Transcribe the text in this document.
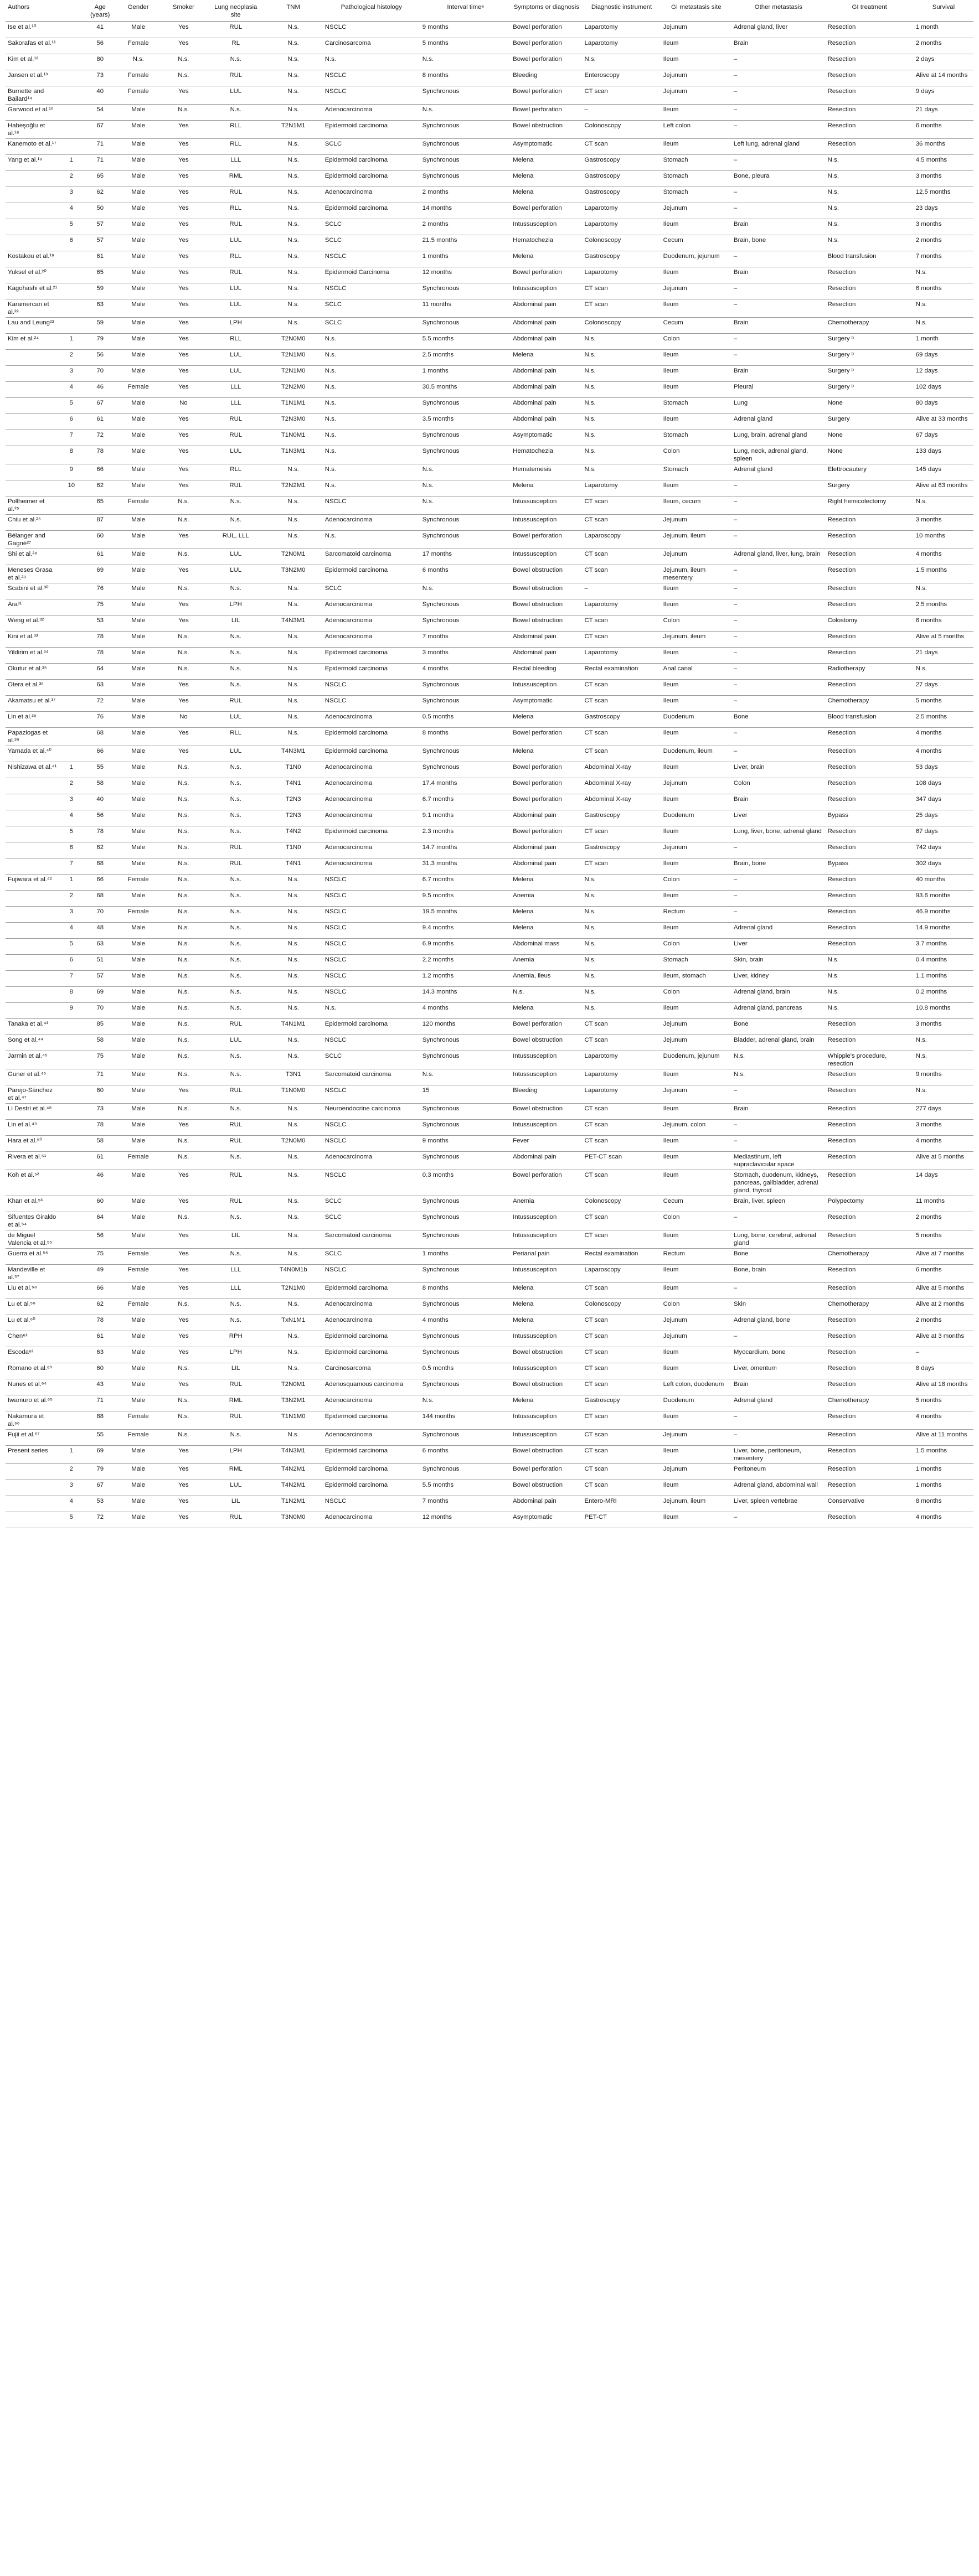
Authors		Age (years)	Gender	Smoker	Lung neoplasia site	TNM	Pathological histology	Interval timeᵃ	Symptoms or diagnosis	Diagnostic instrument	GI metastasis site	Other metastasis	GI treatment	Survival
Ise et al.¹⁰		41	Male	Yes	RUL	N.s.	NSCLC	9 months	Bowel perforation	Laparotomy	Jejunum	Adrenal gland, liver	Resection	1 month
Sakorafas et al.¹¹		56	Female	Yes	RL	N.s.	Carcinosarcoma	5 months	Bowel perforation	Laparotomy	Ileum	Brain	Resection	2 months
Kim et al.¹²		80	N.s.	N.s.	N.s.	N.s.	N.s.	N.s.	Bowel perforation	N.s.	Ileum	–	Resection	2 days
Jansen et al.¹³		73	Female	N.s.	RUL	N.s.	NSCLC	8 months	Bleeding	Enteroscopy	Jejunum	–	Resection	Alive at 14 months
Burnette and Bailard¹⁴		40	Female	Yes	LUL	N.s.	NSCLC	Synchronous	Bowel perforation	CT scan	Jejunum	–	Resection	9 days
Garwood et al.¹⁵		54	Male	N.s.	N.s.	N.s.	Adenocarcinoma	N.s.	Bowel perforation	–	Ileum	–	Resection	21 days
Habeşoğlu et al.¹⁶		67	Male	Yes	RLL	T2N1M1	Epidermoid carcinoma	Synchronous	Bowel obstruction	Colonoscopy	Left colon	–	Resection	6 months
Kanemoto et al.¹⁷		71	Male	Yes	RLL	N.s.	SCLC	Synchronous	Asymptomatic	CT scan	Ileum	Left lung, adrenal gland	Resection	36 months
Yang et al.¹⁸	1	71	Male	Yes	LLL	N.s.	Epidermoid carcinoma	Synchronous	Melena	Gastroscopy	Stomach	–	N.s.	4.5 months
	2	65	Male	Yes	RML	N.s.	Epidermoid carcinoma	Synchronous	Melena	Gastroscopy	Stomach	Bone, pleura	N.s.	3 months
	3	62	Male	Yes	RUL	N.s.	Adenocarcinoma	2 months	Melena	Gastroscopy	Stomach	–	N.s.	12.5 months
	4	50	Male	Yes	RLL	N.s.	Epidermoid carcinoma	14 months	Bowel perforation	Laparotomy	Jejunum	–	N.s.	23 days
	5	57	Male	Yes	RUL	N.s.	SCLC	2 months	Intussusception	Laparotomy	Ileum	Brain	N.s.	3 months
	6	57	Male	Yes	LUL	N.s.	SCLC	21.5 months	Hematochezia	Colonoscopy	Cecum	Brain, bone	N.s.	2 months
Kostakou et al.¹⁹		61	Male	Yes	RLL	N.s.	NSCLC	1 months	Melena	Gastroscopy	Duodenum, jejunum	–	Blood transfusion	7 months
Yuksel et al.²⁰		65	Male	Yes	RUL	N.s.	Epidermoid Carcinoma	12 months	Bowel perforation	Laparotomy	Ileum	Brain	Resection	N.s.
Kagohashi et al.²¹		59	Male	Yes	LUL	N.s.	NSCLC	Synchronous	Intussusception	CT scan	Jejunum	–	Resection	6 months
Karamercan et al.²²		63	Male	Yes	LUL	N.s.	SCLC	11 months	Abdominal pain	CT scan	Ileum	–	Resection	N.s.
Lau and Leung²³		59	Male	Yes	LPH	N.s.	SCLC	Synchronous	Abdominal pain	Colonoscopy	Cecum	Brain	Chemotherapy	N.s.
Kim et al.²⁴	1	79	Male	Yes	RLL	T2N0M0	N.s.	5.5 months	Abdominal pain	N.s.	Colon	–	Surgery ᵇ	1 month
	2	56	Male	Yes	LUL	T2N1M0	N.s.	2.5 months	Melena	N.s.	Ileum	–	Surgery ᵇ	69 days
	3	70	Male	Yes	LUL	T2N1M0	N.s.	1 months	Abdominal pain	N.s.	Ileum	Brain	Surgery ᵇ	12 days
	4	46	Female	Yes	LLL	T2N2M0	N.s.	30.5 months	Abdominal pain	N.s.	Ileum	Pleural	Surgery ᵇ	102 days
	5	67	Male	No	LLL	T1N1M1	N.s.	Synchronous	Abdominal pain	N.s.	Stomach	Lung	None	80 days
	6	61	Male	Yes	RUL	T2N3M0	N.s.	3.5 months	Abdominal pain	N.s.	Ileum	Adrenal gland	Surgery	Alive at 33 months
	7	72	Male	Yes	RUL	T1N0M1	N.s.	Synchronous	Asymptomatic	N.s.	Stomach	Lung, brain, adrenal gland	None	67 days
	8	78	Male	Yes	LUL	T1N3M1	N.s.	Synchronous	Hematochezia	N.s.	Colon	Lung, neck, adrenal gland, spleen	None	133 days
	9	66	Male	Yes	RLL	N.s.	N.s.	N.s.	Hematemesis	N.s.	Stomach	Adrenal gland	Elettrocautery	145 days
	10	62	Male	Yes	RUL	T2N2M1	N.s.	N.s.	Melena	Laparotomy	Ileum	–	Surgery	Alive at 63 months
Pollheimer et al.²⁵		65	Female	N.s.	N.s.	N.s.	NSCLC	N.s.	Intussusception	CT scan	Ileum, cecum	–	Right hemicolectomy	N.s.
Chiu et al.²⁶		87	Male	N.s.	N.s.	N.s.	Adenocarcinoma	Synchronous	Intussusception	CT scan	Jejunum	–	Resection	3 months
Bélanger and Gagné²⁷		60	Male	Yes	RUL, LLL	N.s.	N.s.	Synchronous	Bowel perforation	Laparoscopy	Jejunum, ileum	–	Resection	10 months
Shi et al.²⁸		61	Male	N.s.	LUL	T2N0M1	Sarcomatoid carcinoma	17 months	Intussusception	CT scan	Jejunum	Adrenal gland, liver, lung, brain	Resection	4 months
Meneses Grasa et al.²⁹		69	Male	Yes	LUL	T3N2M0	Epidermoid carcinoma	6 months	Bowel obstruction	CT scan	Jejunum, ileum mesentery	–	Resection	1.5 months
Scabini et al.³⁰		76	Male	N.s.	N.s.	N.s.	SCLC	N.s.	Bowel obstruction	–	Ileum	–	Resection	N.s.
Ara³¹		75	Male	Yes	LPH	N.s.	Adenocarcinoma	Synchronous	Bowel obstruction	Laparotomy	Ileum	–	Resection	2.5 months
Weng et al.³²		53	Male	Yes	LIL	T4N3M1	Adenocarcinoma	Synchronous	Bowel obstruction	CT scan	Colon	–	Colostomy	6 months
Kini et al.³³		78	Male	N.s.	N.s.	N.s.	Adenocarcinoma	7 months	Abdominal pain	CT scan	Jejunum, ileum	–	Resection	Alive at 5 months
Yildirim et al.³⁴		78	Male	N.s.	N.s.	N.s.	Epidermoid carcinoma	3 months	Abdominal pain	Laparotomy	Ileum	–	Resection	21 days
Okutur et al.³⁵		64	Male	N.s.	N.s.	N.s.	Epidermoid carcinoma	4 months	Rectal bleeding	Rectal examination	Anal canal	–	Radiotherapy	N.s.
Otera et al.³⁶		63	Male	Yes	N.s.	N.s.	NSCLC	Synchronous	Intussusception	CT scan	Ileum	–	Resection	27 days
Akamatsu et al.³⁷		72	Male	Yes	RUL	N.s.	NSCLC	Synchronous	Asymptomatic	CT scan	Ileum	–	Chemotherapy	5 months
Lin et al.³⁸		76	Male	No	LUL	N.s.	Adenocarcinoma	0.5 months	Melena	Gastroscopy	Duodenum	Bone	Blood transfusion	2.5 months
Papaziogas et al.³⁹		68	Male	Yes	RLL	N.s.	Epidermoid carcinoma	8 months	Bowel perforation	CT scan	Ileum	–	Resection	4 months
Yamada et al.⁴⁰		66	Male	Yes	LUL	T4N3M1	Epidermoid carcinoma	Synchronous	Melena	CT scan	Duodenum, ileum	–	Resection	4 months
Nishizawa et al.⁴¹	1	55	Male	N.s.	N.s.	T1N0	Adenocarcinoma	Synchronous	Bowel perforation	Abdominal X-ray	Ileum	Liver, brain	Resection	53 days
	2	58	Male	N.s.	N.s.	T4N1	Adenocarcinoma	17.4 months	Bowel perforation	Abdominal X-ray	Jejunum	Colon	Resection	108 days
	3	40	Male	N.s.	N.s.	T2N3	Adenocarcinoma	6.7 months	Bowel perforation	Abdominal X-ray	Ileum	Brain	Resection	347 days
	4	56	Male	N.s.	N.s.	T2N3	Adenocarcinoma	9.1 months	Abdominal pain	Gastroscopy	Duodenum	Liver	Bypass	25 days
	5	78	Male	N.s.	N.s.	T4N2	Epidermoid carcinoma	2.3 months	Bowel perforation	CT scan	Ileum	Lung, liver, bone, adrenal gland	Resection	67 days
	6	62	Male	N.s.	RUL	T1N0	Adenocarcinoma	14.7 months	Abdominal pain	Gastroscopy	Jejunum	–	Resection	742 days
	7	68	Male	N.s.	RUL	T4N1	Adenocarcinoma	31.3 months	Abdominal pain	CT scan	Ileum	Brain, bone	Bypass	302 days
Fujiwara et al.⁴²	1	66	Female	N.s.	N.s.	N.s.	NSCLC	6.7 months	Melena	N.s.	Colon	–	Resection	40 months
	2	68	Male	N.s.	N.s.	N.s.	NSCLC	9.5 months	Anemia	N.s.	Ileum	–	Resection	93.6 months
	3	70	Female	N.s.	N.s.	N.s.	NSCLC	19.5 months	Melena	N.s.	Rectum	–	Resection	46.9 months
	4	48	Male	N.s.	N.s.	N.s.	NSCLC	9.4 months	Melena	N.s.	Ileum	Adrenal gland	Resection	14.9 months
	5	63	Male	N.s.	N.s.	N.s.	NSCLC	6.9 months	Abdominal mass	N.s.	Colon	Liver	Resection	3.7 months
	6	51	Male	N.s.	N.s.	N.s.	NSCLC	2.2 months	Anemia	N.s.	Stomach	Skin, brain	N.s.	0.4 months
	7	57	Male	N.s.	N.s.	N.s.	NSCLC	1.2 months	Anemia, ileus	N.s.	Ileum, stomach	Liver, kidney	N.s.	1.1 months
	8	69	Male	N.s.	N.s.	N.s.	NSCLC	14.3 months	N.s.	N.s.	Colon	Adrenal gland, brain	N.s.	0.2 months
	9	70	Male	N.s.	N.s.	N.s.	N.s.	4 months	Melena	N.s.	Ileum	Adrenal gland, pancreas	N.s.	10.8 months
Tanaka et al.⁴³		85	Male	N.s.	RUL	T4N1M1	Epidermoid carcinoma	120 months	Bowel perforation	CT scan	Jejunum	Bone	Resection	3 months
Song et al.⁴⁴		58	Male	N.s.	LUL	N.s.	NSCLC	Synchronous	Bowel obstruction	CT scan	Jejunum	Bladder, adrenal gland, brain	Resection	N.s.
Jarmin et al.⁴⁵		75	Male	N.s.	N.s.	N.s.	SCLC	Synchronous	Intussusception	Laparotomy	Duodenum, jejunum	N.s.	Whipple's procedure, resection	N.s.
Guner et al.⁴⁶		71	Male	N.s.	N.s.	T3N1	Sarcomatoid carcinoma	N.s.	Intussusception	Laparotomy	Ileum	N.s.	Resection	9 months
Parejo-Sánchez et al.⁴⁷		60	Male	Yes	RUL	T1N0M0	NSCLC	15	Bleeding	Laparotomy	Jejunum	–	Resection	N.s.
Li Destri et al.⁴⁸		73	Male	N.s.	N.s.	N.s.	Neuroendocrine carcinoma	Synchronous	Bowel obstruction	CT scan	Ileum	Brain	Resection	277 days
Lin et al.⁴⁹		78	Male	Yes	RUL	N.s.	NSCLC	Synchronous	Intussusception	CT scan	Jejunum, colon	–	Resection	3 months
Hara et al.⁵⁰		58	Male	N.s.	RUL	T2N0M0	NSCLC	9 months	Fever	CT scan	Ileum	–	Resection	4 months
Rivera et al.⁵¹		61	Female	N.s.	N.s.	N.s.	Adenocarcinoma	Synchronous	Abdominal pain	PET-CT scan	Ileum	Mediastinum, left supraclavicular space	Resection	Alive at 5 months
Koh et al.⁵²		46	Male	Yes	RUL	N.s.	NSCLC	0.3 months	Bowel perforation	CT scan	Ileum	Stomach, duodenum, kidneys, pancreas, gallbladder, adrenal gland, thyroid	Resection	14 days
Khan et al.⁵³		60	Male	Yes	RUL	N.s.	SCLC	Synchronous	Anemia	Colonoscopy	Cecum	Brain, liver, spleen	Polypectomy	11 months
Sifuentes Giraldo et al.⁵⁴		64	Male	N.s.	N.s.	N.s.	SCLC	Synchronous	Intussusception	CT scan	Colon	–	Resection	2 months
de Miguel Valencia et al.⁵⁵		56	Male	Yes	LIL	N.s.	Sarcomatoid carcinoma	Synchronous	Intussusception	CT scan	Ileum	Lung, bone, cerebral, adrenal gland	Resection	5 months
Guerra et al.⁵⁶		75	Female	Yes	N.s.	N.s.	SCLC	1 months	Perianal pain	Rectal examination	Rectum	Bone	Chemotherapy	Alive at 7 months
Mandeville et al.⁵⁷		49	Female	Yes	LLL	T4N0M1b	NSCLC	Synchronous	Intussusception	Laparoscopy	Ileum	Bone, brain	Resection	6 months
Liu et al.⁵⁸		66	Male	Yes	LLL	T2N1M0	Epidermoid carcinoma	8 months	Melena	CT scan	Ileum	–	Resection	Alive at 5 months
Lu et al.⁵⁹		62	Female	N.s.	N.s.	N.s.	Adenocarcinoma	Synchronous	Melena	Colonoscopy	Colon	Skin	Chemotherapy	Alive at 2 months
Lu et al.⁶⁰		78	Male	Yes	N.s.	TxN1M1	Adenocarcinoma	4 months	Melena	CT scan	Jejunum	Adrenal gland, bone	Resection	2 months
Chen⁶¹		61	Male	Yes	RPH	N.s.	Epidermoid carcinoma	Synchronous	Intussusception	CT scan	Jejunum	–	Resection	Alive at 3 months
Escoda⁶²		63	Male	Yes	LPH	N.s.	Epidermoid carcinoma	Synchronous	Bowel obstruction	CT scan	Ileum	Myocardium, bone	Resection	–
Romano et al.⁶³		60	Male	N.s.	LIL	N.s.	Carcinosarcoma	0.5 months	Intussusception	CT scan	Ileum	Liver, omentum	Resection	8 days
Nunes et al.⁶⁴		43	Male	Yes	RUL	T2N0M1	Adenosquamous carcinoma	Synchronous	Bowel obstruction	CT scan	Left colon, duodenum	Brain	Resection	Alive at 18 months
Iwamuro et al.⁶⁵		71	Male	N.s.	RML	T3N2M1	Adenocarcinoma	N.s.	Melena	Gastroscopy	Duodenum	Adrenal gland	Chemotherapy	5 months
Nakamura et al.⁶⁶		88	Female	N.s.	RUL	T1N1M0	Epidermoid carcinoma	144 months	Intussusception	CT scan	Ileum	–	Resection	4 months
Fujii et al.⁶⁷		55	Female	N.s.	N.s.	N.s.	Adenocarcinoma	Synchronous	Intussusception	CT scan	Jejunum	–	Resection	Alive at 11 months
Present series	1	69	Male	Yes	LPH	T4N3M1	Epidermoid carcinoma	6 months	Bowel obstruction	CT scan	Ileum	Liver, bone, peritoneum, mesentery	Resection	1.5 months
	2	79	Male	Yes	RML	T4N2M1	Epidermoid carcinoma	Synchronous	Bowel perforation	CT scan	Jejunum	Peritoneum	Resection	1 months
	3	67	Male	Yes	LUL	T4N2M1	Epidermoid carcinoma	5.5 months	Bowel obstruction	CT scan	Ileum	Adrenal gland, abdominal wall	Resection	1 months
	4	53	Male	Yes	LIL	T1N2M1	NSCLC	7 months	Abdominal pain	Entero-MRI	Jejunum, ileum	Liver, spleen vertebrae	Conservative	8 months
	5	72	Male	Yes	RUL	T3N0M0	Adenocarcinoma	12 months	Asymptomatic	PET-CT	Ileum	–	Resection	4 months
